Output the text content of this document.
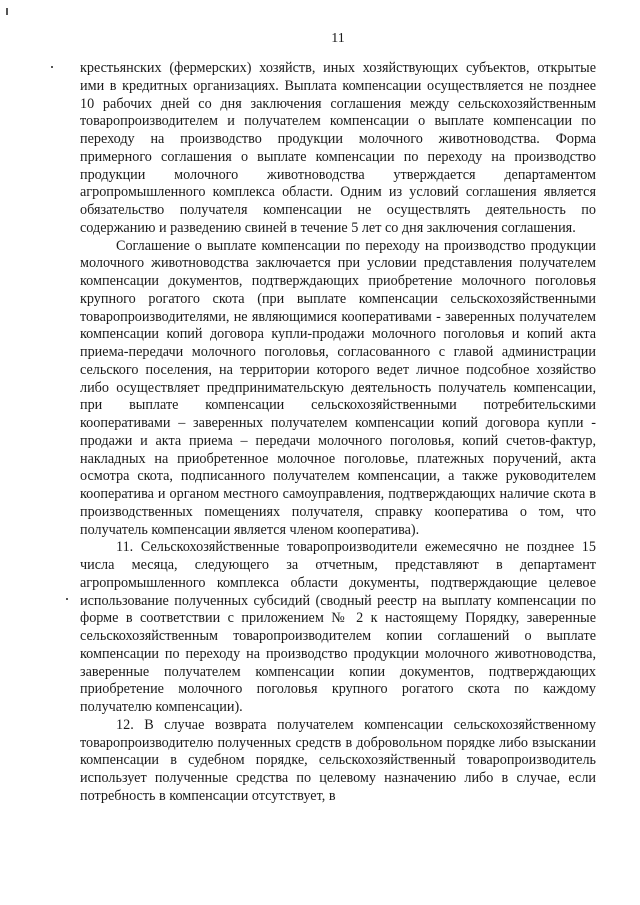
11

крестьянских (фермерских) хозяйств, иных хозяйствующих субъектов, открытые ими в кредитных организациях. Выплата компенсации осуществляется не позднее 10 рабочих дней со дня заключения соглашения между сельскохозяйственным товаропроизводителем и получателем компенсации о выплате компенсации по переходу на производство продукции молочного животноводства. Форма примерного соглашения о выплате компенсации по переходу на производство продукции молочного животноводства утверждается департаментом агропромышленного комплекса области. Одним из условий соглашения является обязательство получателя компенсации не осуществлять деятельность по содержанию и разведению свиней в течение 5 лет со дня заключения соглашения.

Соглашение о выплате компенсации по переходу на производство продукции молочного животноводства заключается при условии представления получателем компенсации документов, подтверждающих приобретение молочного поголовья крупного рогатого скота (при выплате компенсации сельскохозяйственными товаропроизводителями, не являющимися кооперативами - заверенных получателем компенсации копий договора купли-продажи молочного поголовья и копий акта приема-передачи молочного поголовья, согласованного с главой администрации сельского поселения, на территории которого ведет личное подсобное хозяйство либо осуществляет предпринимательскую деятельность получатель компенсации, при выплате компенсации сельскохозяйственными потребительскими кооперативами – заверенных получателем компенсации копий договора купли - продажи и акта приема – передачи молочного поголовья, копий счетов-фактур, накладных на приобретенное молочное поголовье, платежных поручений, акта осмотра скота, подписанного получателем компенсации, а также руководителем кооператива и органом местного самоуправления, подтверждающих наличие скота в производственных помещениях получателя, справку кооператива о том, что получатель компенсации является членом кооператива).

11. Сельскохозяйственные товаропроизводители ежемесячно не позднее 15 числа месяца, следующего за отчетным, представляют в департамент агропромышленного комплекса области документы, подтверждающие целевое использование полученных субсидий (сводный реестр на выплату компенсации по форме в соответствии с приложением № 2 к настоящему Порядку, заверенные сельскохозяйственным товаропроизводителем копии соглашений о выплате компенсации по переходу на производство продукции молочного животноводства, заверенные получателем компенсации копии документов, подтверждающих приобретение молочного поголовья крупного рогатого скота по каждому получателю компенсации).

12. В случае возврата получателем компенсации сельскохозяйственному товаропроизводителю полученных средств в добровольном порядке либо взыскании компенсации в судебном порядке, сельскохозяйственный товаропроизводитель использует полученные средства по целевому назначению либо в случае, если потребность в компенсации отсутствует, в
